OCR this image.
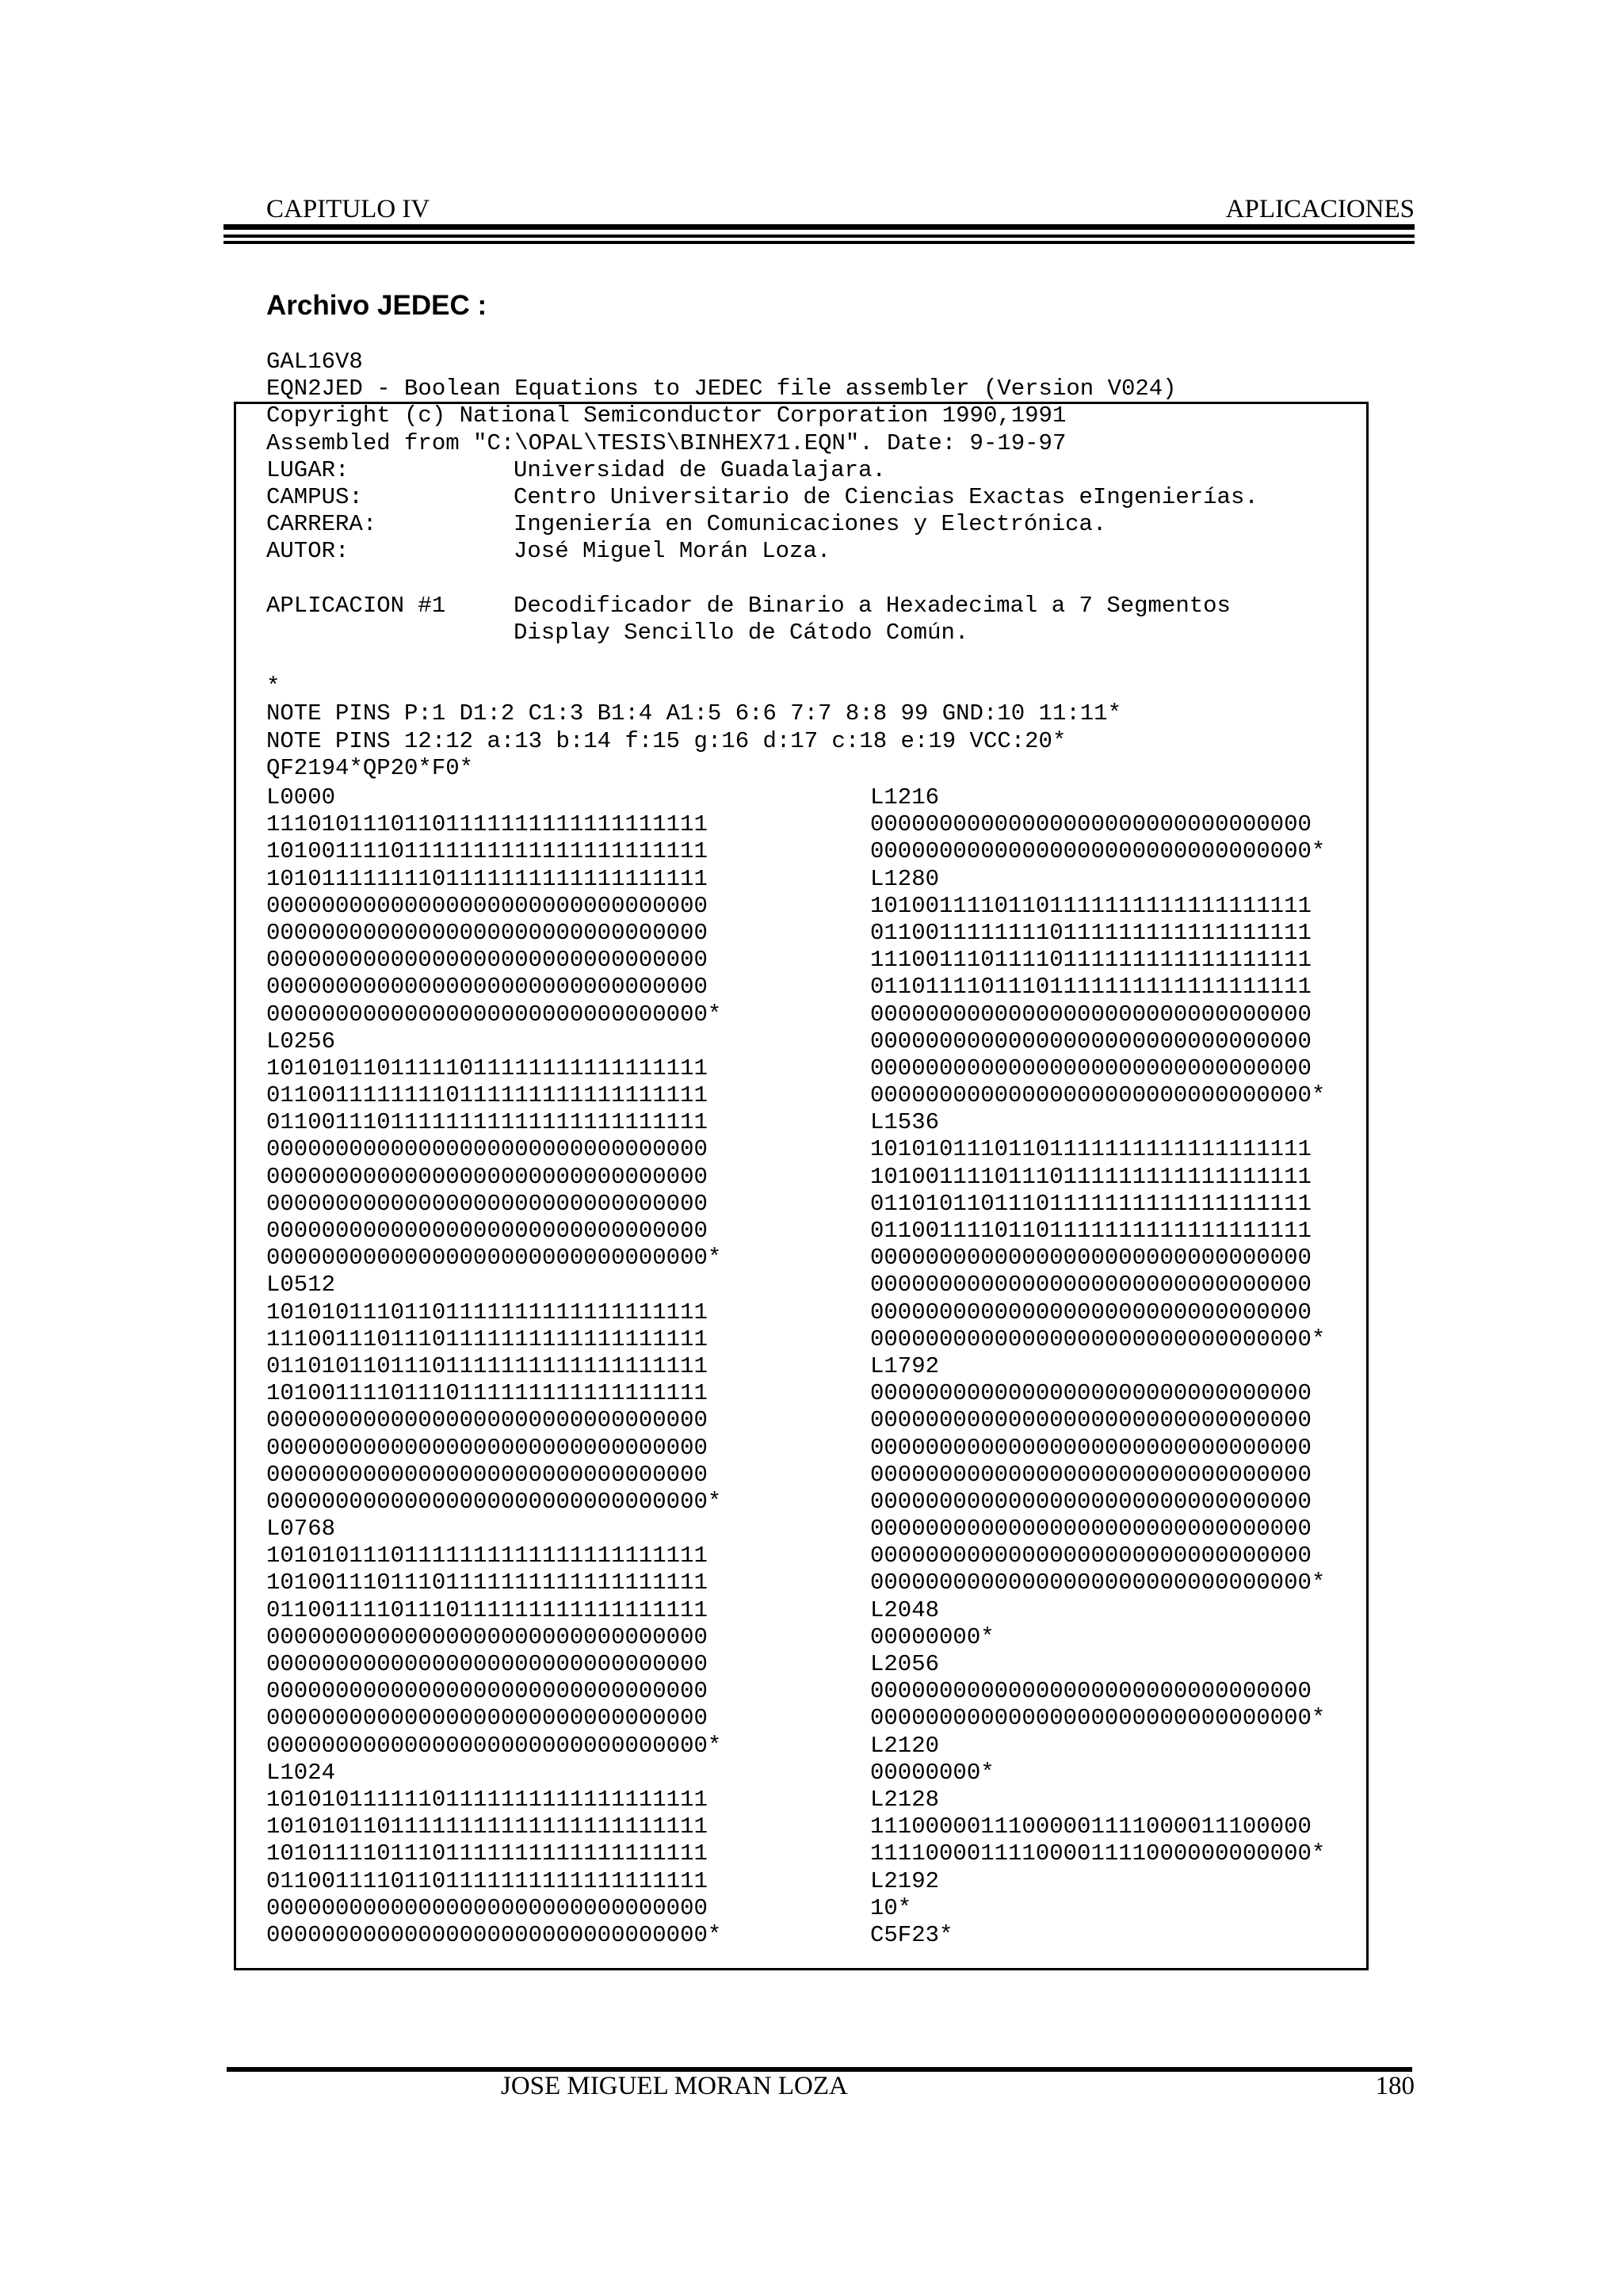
CAPITULO IV	APLICACIONES
Archivo JEDEC :
GAL16V8
EQN2JED - Boolean Equations to JEDEC file assembler (Version V024)
Copyright (c) National Semiconductor Corporation 1990,1991
Assembled from "C:\OPAL\TESIS\BINHEX71.EQN". Date: 9-19-97
LUGAR:	Universidad de Guadalajara.
CAMPUS:	Centro Universitario de Ciencias Exactas eIngenierías.
CARRERA:	Ingeniería en Comunicaciones y Electrónica.
AUTOR:	José Miguel Morán Loza.
APLICACION #1	Decodificador de Binario a Hexadecimal a 7 Segmentos
Display Sencillo de Cátodo Común.
*
NOTE PINS P:1 D1:2 C1:3 B1:4 A1:5 6:6 7:7 8:8 99 GND:10 11:11*
NOTE PINS 12:12 a:13 b:14 f:15 g:16 d:17 c:18 e:19 VCC:20*
QF2194*QP20*F0*
L0000
11101011101101111111111111111111
10100111101111111111111111111111
10101111111101111111111111111111
00000000000000000000000000000000
00000000000000000000000000000000
00000000000000000000000000000000
00000000000000000000000000000000
00000000000000000000000000000000*
L0256
10101011011111011111111111111111
01100111111110111111111111111111
01100111011111111111111111111111
00000000000000000000000000000000
00000000000000000000000000000000
00000000000000000000000000000000
00000000000000000000000000000000
00000000000000000000000000000000*
L0512
10101011101101111111111111111111
11100111011101111111111111111111
01101011011101111111111111111111
10100111101110111111111111111111
00000000000000000000000000000000
00000000000000000000000000000000
00000000000000000000000000000000
00000000000000000000000000000000*
L0768
10101011101111111111111111111111
10100111011101111111111111111111
01100111101110111111111111111111
00000000000000000000000000000000
00000000000000000000000000000000
00000000000000000000000000000000
00000000000000000000000000000000
00000000000000000000000000000000*
L1024
10101011111101111111111111111111
10101011011111111111111111111111
10101111011101111111111111111111
01100111101101111111111111111111
00000000000000000000000000000000
00000000000000000000000000000000*
L1216
00000000000000000000000000000000
00000000000000000000000000000000*
L1280
10100111101101111111111111111111
01100111111110111111111111111111
11100111011110111111111111111111
01101111011101111111111111111111
00000000000000000000000000000000
00000000000000000000000000000000
00000000000000000000000000000000
00000000000000000000000000000000*
L1536
10101011101101111111111111111111
10100111101110111111111111111111
01101011011101111111111111111111
01100111101101111111111111111111
00000000000000000000000000000000
00000000000000000000000000000000
00000000000000000000000000000000
00000000000000000000000000000000*
L1792
00000000000000000000000000000000
00000000000000000000000000000000
00000000000000000000000000000000
00000000000000000000000000000000
00000000000000000000000000000000
00000000000000000000000000000000
00000000000000000000000000000000
00000000000000000000000000000000*
L2048
00000000*
L2056
00000000000000000000000000000000
00000000000000000000000000000000*
L2120
00000000*
L2128
11100000111000001111000011100000
11110000111100001111000000000000*
L2192
10*
C5F23*
JOSE MIGUEL MORAN LOZA	180
